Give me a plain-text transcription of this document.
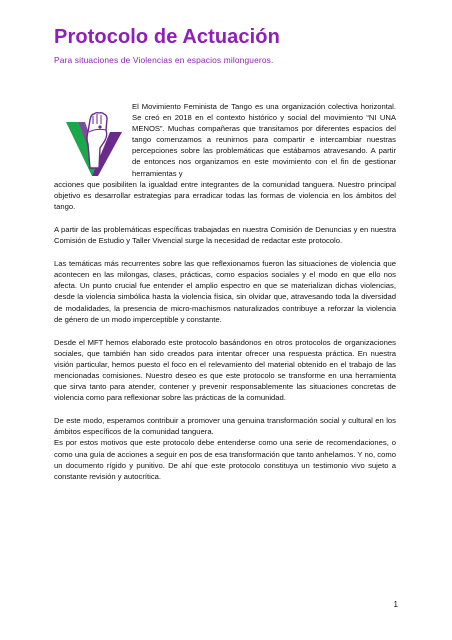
Protocolo de Actuación

Para situaciones de Violencias en espacios milongueros.

El Movimiento Feminista de Tango es una organización colectiva horizontal. Se creó en 2018 en el contexto histórico y social del movimiento “NI UNA MENOS”. Muchas compañeras que transitamos por diferentes espacios del tango comenzamos a reunirnos para compartir e intercambiar nuestras percepciones sobre las problemáticas que estábamos atravesando. A partir de entonces nos organizamos en este movimiento con el fin de gestionar herramientas y

acciones que posibiliten la igualdad entre integrantes de la comunidad tanguera. Nuestro principal objetivo es desarrollar estrategias para erradicar todas las formas de violencia en los ámbitos del tango.

A partir de las problemáticas específicas trabajadas en nuestra Comisión de Denuncias y en nuestra Comisión de Estudio y Taller Vivencial surge la necesidad de redactar este protocolo.

Las temáticas más recurrentes sobre las que reflexionamos fueron las situaciones de violencia que acontecen en las milongas, clases, prácticas, como espacios sociales y el modo en que ello nos afecta. Un punto crucial fue entender el amplio espectro en que se materializan dichas violencias, desde la violencia simbólica hasta la violencia física, sin olvidar que, atravesando toda la diversidad de modalidades, la presencia de micro-machismos naturalizados contribuye a reforzar la violencia de género de un modo imperceptible y constante.

Desde el MFT hemos elaborado este protocolo basándonos en otros protocolos de organizaciones sociales, que también han sido creados para intentar ofrecer una respuesta práctica. En nuestra visión particular, hemos puesto el foco en el relevamiento del material obtenido en el trabajo de las mencionadas comisiones. Nuestro deseo es que este protocolo se transforme en una herramienta que sirva tanto para atender, contener y prevenir responsablemente las situaciones concretas de violencia como para reflexionar sobre las prácticas de la comunidad.

De este modo, esperamos contribuir a promover una genuina transformación social y cultural en los ámbitos específicos de la comunidad tanguera.

Es por estos motivos que este protocolo debe entenderse como una serie de recomendaciones, o como una guía de acciones a seguir en pos de esa transformación que tanto anhelamos. Y no, como un documento rígido y punitivo. De ahí que este protocolo constituya un testimonio vivo sujeto a constante revisión y autocrítica.

1
